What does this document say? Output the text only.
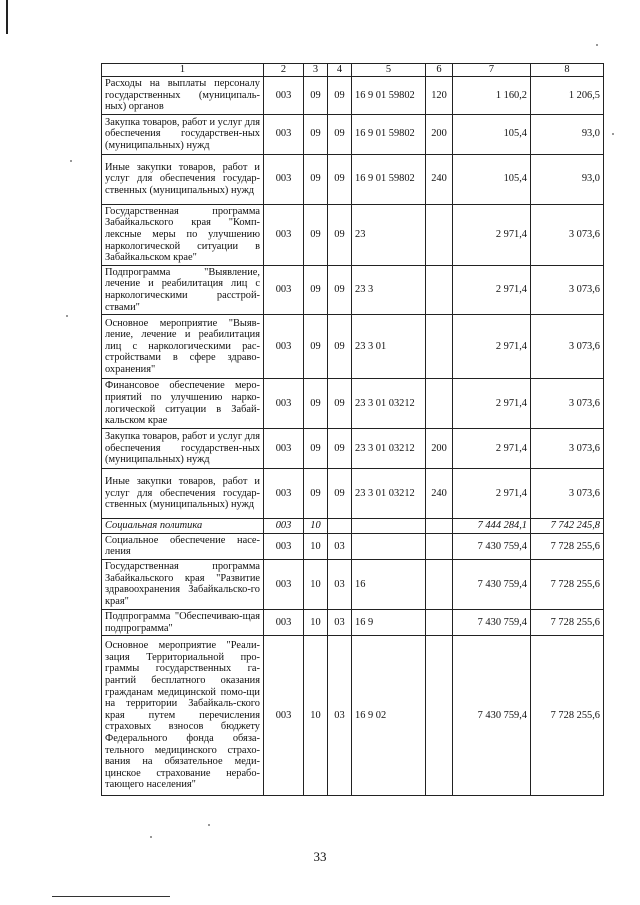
1	2	3	4	5	6	7	8
Расходы на выплаты персоналу государственных (муниципаль-ных) органов	003	09	09	16 9 01 59802	120	1 160,2	1 206,5
Закупка товаров, работ и услуг для обеспечения государствен-ных (муниципальных) нужд	003	09	09	16 9 01 59802	200	105,4	93,0
Иные закупки товаров, работ и услуг для обеспечения государ-ственных (муниципальных) нужд	003	09	09	16 9 01 59802	240	105,4	93,0
Государственная программа Забайкальского края "Комп-лексные меры по улучшению наркологической ситуации в Забайкальском крае"	003	09	09	23		2 971,4	3 073,6
Подпрограмма "Выявление, лечение и реабилитация лиц с наркологическими расстрой-ствами"	003	09	09	23 3		2 971,4	3 073,6
Основное мероприятие "Выяв-ление, лечение и реабилитация лиц с наркологическими рас-стройствами в сфере здраво-охранения"	003	09	09	23 3 01		2 971,4	3 073,6
Финансовое обеспечение меро-приятий по улучшению нарко-логической ситуации в Забай-кальском крае	003	09	09	23 3 01 03212		2 971,4	3 073,6
Закупка товаров, работ и услуг для обеспечения государствен-ных (муниципальных) нужд	003	09	09	23 3 01 03212	200	2 971,4	3 073,6
Иные закупки товаров, работ и услуг для обеспечения государ-ственных (муниципальных) нужд	003	09	09	23 3 01 03212	240	2 971,4	3 073,6
Социальная политика	003	10				7 444 284,1	7 742 245,8
Социальное обеспечение насе-ления	003	10	03			7 430 759,4	7 728 255,6
Государственная программа Забайкальского края "Развитие здравоохранения Забайкальско-го края"	003	10	03	16		7 430 759,4	7 728 255,6
Подпрограмма "Обеспечиваю-щая подпрограмма"	003	10	03	16 9		7 430 759,4	7 728 255,6
Основное мероприятие "Реали-зация Территориальной про-граммы государственных га-рантий бесплатного оказания гражданам медицинской помо-щи на территории Забайкаль-ского края путем перечисления страховых взносов бюджету Федерального фонда обяза-тельного медицинского страхо-вания на обязательное меди-цинское страхование нерабо-тающего населения"	003	10	03	16 9 02		7 430 759,4	7 728 255,6
33
